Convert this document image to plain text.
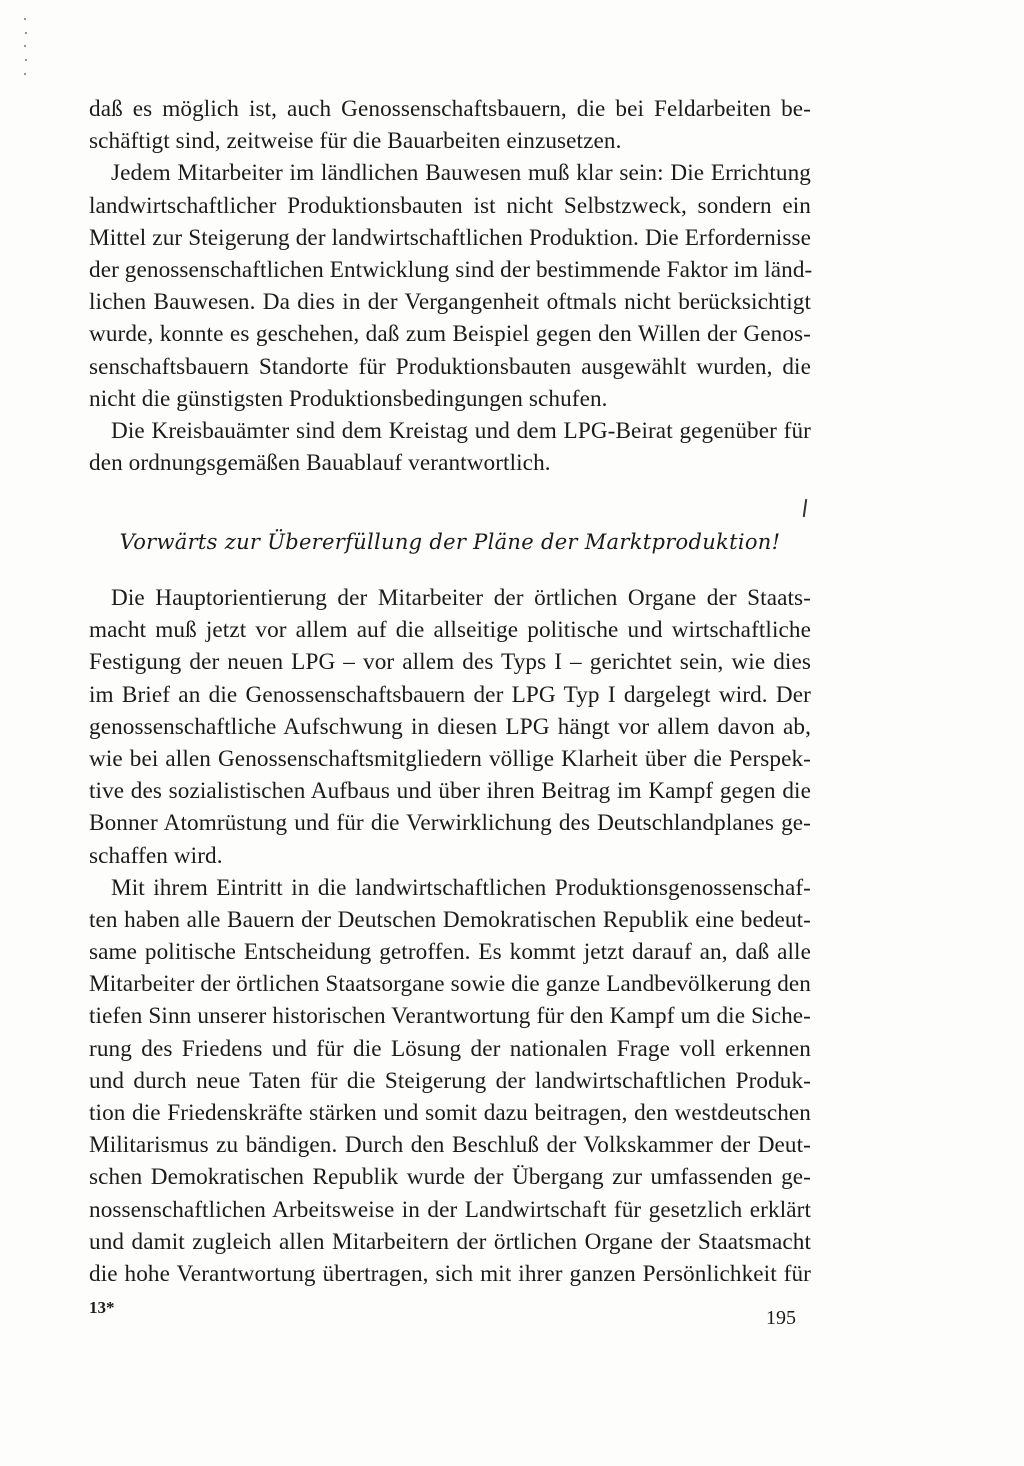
daß es möglich ist, auch Genossenschaftsbauern, die bei Feldarbeiten be-
schäftigt sind, zeitweise für die Bauarbeiten einzusetzen.
Jedem Mitarbeiter im ländlichen Bauwesen muß klar sein: Die Errichtung
landwirtschaftlicher Produktionsbauten ist nicht Selbstzweck, sondern ein
Mittel zur Steigerung der landwirtschaftlichen Produktion. Die Erfordernisse
der genossenschaftlichen Entwicklung sind der bestimmende Faktor im länd-
lichen Bauwesen. Da dies in der Vergangenheit oftmals nicht berücksichtigt
wurde, konnte es geschehen, daß zum Beispiel gegen den Willen der Genos-
senschaftsbauern Standorte für Produktionsbauten ausgewählt wurden, die
nicht die günstigsten Produktionsbedingungen schufen.
Die Kreisbauämter sind dem Kreistag und dem LPG-Beirat gegenüber für
den ordnungsgemäßen Bauablauf verantwortlich.
Vorwärts zur Übererfüllung der Pläne der Marktproduktion!
Die Hauptorientierung der Mitarbeiter der örtlichen Organe der Staats-
macht muß jetzt vor allem auf die allseitige politische und wirtschaftliche
Festigung der neuen LPG – vor allem des Typs I – gerichtet sein, wie dies
im Brief an die Genossenschaftsbauern der LPG Typ I dargelegt wird. Der
genossenschaftliche Aufschwung in diesen LPG hängt vor allem davon ab,
wie bei allen Genossenschaftsmitgliedern völlige Klarheit über die Perspek-
tive des sozialistischen Aufbaus und über ihren Beitrag im Kampf gegen die
Bonner Atomrüstung und für die Verwirklichung des Deutschlandplanes ge-
schaffen wird.
Mit ihrem Eintritt in die landwirtschaftlichen Produktionsgenossenschaf-
ten haben alle Bauern der Deutschen Demokratischen Republik eine bedeut-
same politische Entscheidung getroffen. Es kommt jetzt darauf an, daß alle
Mitarbeiter der örtlichen Staatsorgane sowie die ganze Landbevölkerung den
tiefen Sinn unserer historischen Verantwortung für den Kampf um die Siche-
rung des Friedens und für die Lösung der nationalen Frage voll erkennen
und durch neue Taten für die Steigerung der landwirtschaftlichen Produk-
tion die Friedenskräfte stärken und somit dazu beitragen, den westdeutschen
Militarismus zu bändigen. Durch den Beschluß der Volkskammer der Deut-
schen Demokratischen Republik wurde der Übergang zur umfassenden ge-
nossenschaftlichen Arbeitsweise in der Landwirtschaft für gesetzlich erklärt
und damit zugleich allen Mitarbeitern der örtlichen Organe der Staatsmacht
die hohe Verantwortung übertragen, sich mit ihrer ganzen Persönlichkeit für
13*	195
